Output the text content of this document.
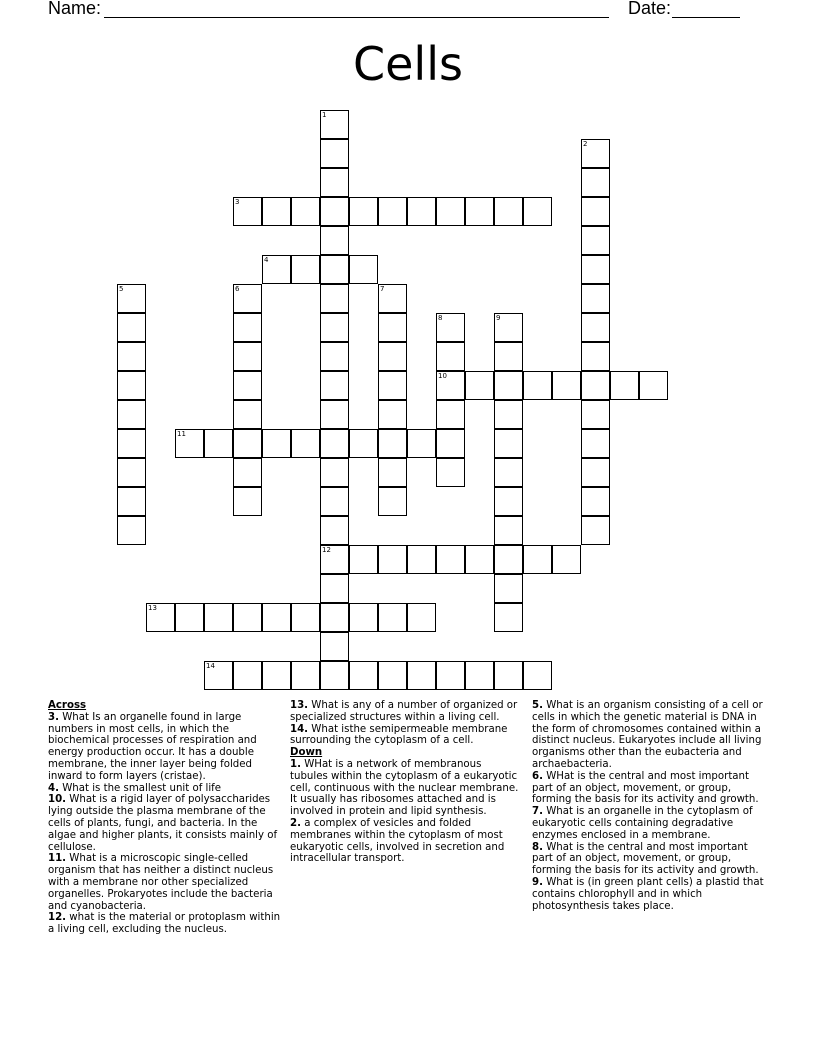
Name:	Date:
Cells
3
4
10
11
12
13
14
1
2
5	6	7
8	9
Across
3. What Is an organelle found in large numbers in most cells, in which the biochemical processes of respiration and energy production occur. It has a double membrane, the inner layer being folded inward to form layers (cristae).
4. What is the smallest unit of life
10. What is a rigid layer of polysaccharides lying outside the plasma membrane of the cells of plants, fungi, and bacteria. In the algae and higher plants, it consists mainly of cellulose.
11. What is a microscopic single-celled organism that has neither a distinct nucleus with a membrane nor other specialized organelles. Prokaryotes include the bacteria and cyanobacteria.
12. what is the material or protoplasm within a living cell, excluding the nucleus.
13. What is any of a number of organized or specialized structures within a living cell.
14. What isthe semipermeable membrane surrounding the cytoplasm of a cell.
Down
1. WHat is a network of membranous tubules within the cytoplasm of a eukaryotic cell, continuous with the nuclear membrane. It usually has ribosomes attached and is involved in protein and lipid synthesis.
2. a complex of vesicles and folded membranes within the cytoplasm of most eukaryotic cells, involved in secretion and intracellular transport.
5. What is an organism consisting of a cell or cells in which the genetic material is DNA in the form of chromosomes contained within a distinct nucleus. Eukaryotes include all living organisms other than the eubacteria and archaebacteria.
6. WHat is the central and most important part of an object, movement, or group, forming the basis for its activity and growth.
7. What is an organelle in the cytoplasm of eukaryotic cells containing degradative enzymes enclosed in a membrane.
8. What is the central and most important part of an object, movement, or group, forming the basis for its activity and growth.
9. What is (in green plant cells) a plastid that contains chlorophyll and in which photosynthesis takes place.
